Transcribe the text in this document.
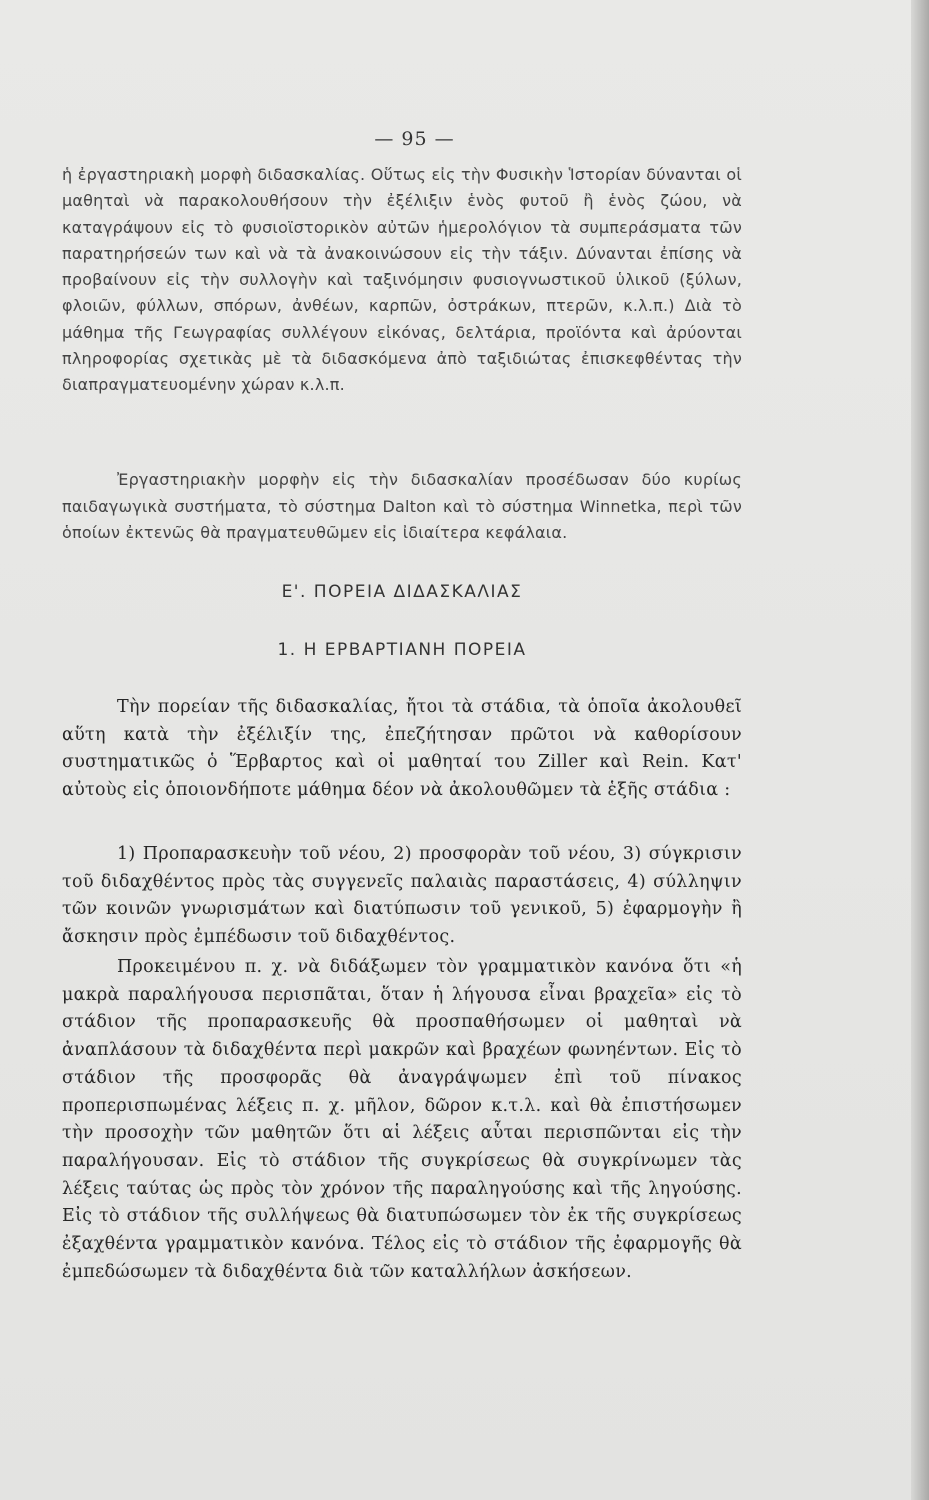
— 95 —

ἡ ἐργαστηριακὴ μορφὴ διδασκαλίας. Οὕτως εἰς τὴν Φυσικὴν Ἱστορίαν δύνανται οἱ μαθηταὶ νὰ παρακολουθήσουν τὴν ἐξέλιξιν ἑνὸς φυτοῦ ἢ ἑνὸς ζώου, νὰ καταγράψουν εἰς τὸ φυσιοϊστορικὸν αὐτῶν ἡμερολόγιον τὰ συμπεράσματα τῶν παρατηρήσεών των καὶ νὰ τὰ ἀνακοινώσουν εἰς τὴν τάξιν. Δύνανται ἐπίσης νὰ προβαίνουν εἰς τὴν συλλογὴν καὶ ταξινόμησιν φυσιογνωστικοῦ ὑλικοῦ (ξύλων, φλοιῶν, φύλλων, σπόρων, ἀνθέων, καρπῶν, ὀστράκων, πτερῶν, κ.λ.π.) Διὰ τὸ μάθημα τῆς Γεωγραφίας συλλέγουν εἰκόνας, δελτάρια, προϊόντα καὶ ἀρύονται πληροφορίας σχετικὰς μὲ τὰ διδασκόμενα ἀπὸ ταξιδιώτας ἐπισκεφθέντας τὴν διαπραγματευομένην χώραν κ.λ.π.

Ἐργαστηριακὴν μορφὴν εἰς τὴν διδασκαλίαν προσέδωσαν δύο κυρίως παιδαγωγικὰ συστήματα, τὸ σύστημα Dalton καὶ τὸ σύστημα Winnetka, περὶ τῶν ὁποίων ἐκτενῶς θὰ πραγματευθῶμεν εἰς ἰδιαίτερα κεφάλαια.

Ε'. ΠΟΡΕΙΑ ΔΙΔΑΣΚΑΛΙΑΣ
1. Η ΕΡΒΑΡΤΙΑΝΗ ΠΟΡΕΙΑ

Τὴν πορείαν τῆς διδασκαλίας, ἤτοι τὰ στάδια, τὰ ὁποῖα ἀκολουθεῖ αὕτη κατὰ τὴν ἐξέλιξίν της, ἐπεζήτησαν πρῶτοι νὰ καθορίσουν συστηματικῶς ὁ Ἕρβαρτος καὶ οἱ μαθηταί του Ziller καὶ Rein. Κατ' αὐτοὺς εἰς ὁποιονδήποτε μάθημα δέον νὰ ἀκολουθῶμεν τὰ ἑξῆς στάδια :

1) Προπαρασκευὴν τοῦ νέου, 2) προσφορὰν τοῦ νέου, 3) σύγκρισιν τοῦ διδαχθέντος πρὸς τὰς συγγενεῖς παλαιὰς παραστάσεις, 4) σύλληψιν τῶν κοινῶν γνωρισμάτων καὶ διατύπωσιν τοῦ γενικοῦ, 5) ἐφαρμογὴν ἢ ἄσκησιν πρὸς ἐμπέδωσιν τοῦ διδαχθέντος.

Προκειμένου π. χ. νὰ διδάξωμεν τὸν γραμματικὸν κανόνα ὅτι «ἡ μακρὰ παραλήγουσα περισπᾶται, ὅταν ἡ λήγουσα εἶναι βραχεῖα» εἰς τὸ στάδιον τῆς προπαρασκευῆς θὰ προσπαθήσωμεν οἱ μαθηταὶ νὰ ἀναπλάσουν τὰ διδαχθέντα περὶ μακρῶν καὶ βραχέων φωνηέντων. Εἰς τὸ στάδιον τῆς προσφορᾶς θὰ ἀναγράψωμεν ἐπὶ τοῦ πίνακος προπερισπωμένας λέξεις π. χ. μῆλον, δῶρον κ.τ.λ. καὶ θὰ ἐπιστήσωμεν τὴν προσοχὴν τῶν μαθητῶν ὅτι αἱ λέξεις αὗται περισπῶνται εἰς τὴν παραλήγουσαν. Εἰς τὸ στάδιον τῆς συγκρίσεως θὰ συγκρίνωμεν τὰς λέξεις ταύτας ὡς πρὸς τὸν χρόνον τῆς παραληγούσης καὶ τῆς ληγούσης. Εἰς τὸ στάδιον τῆς συλλήψεως θὰ διατυπώσωμεν τὸν ἐκ τῆς συγκρίσεως ἐξαχθέντα γραμματικὸν κανόνα. Τέλος εἰς τὸ στάδιον τῆς ἐφαρμογῆς θὰ ἐμπεδώσωμεν τὰ διδαχθέντα διὰ τῶν καταλλήλων ἀσκήσεων.
